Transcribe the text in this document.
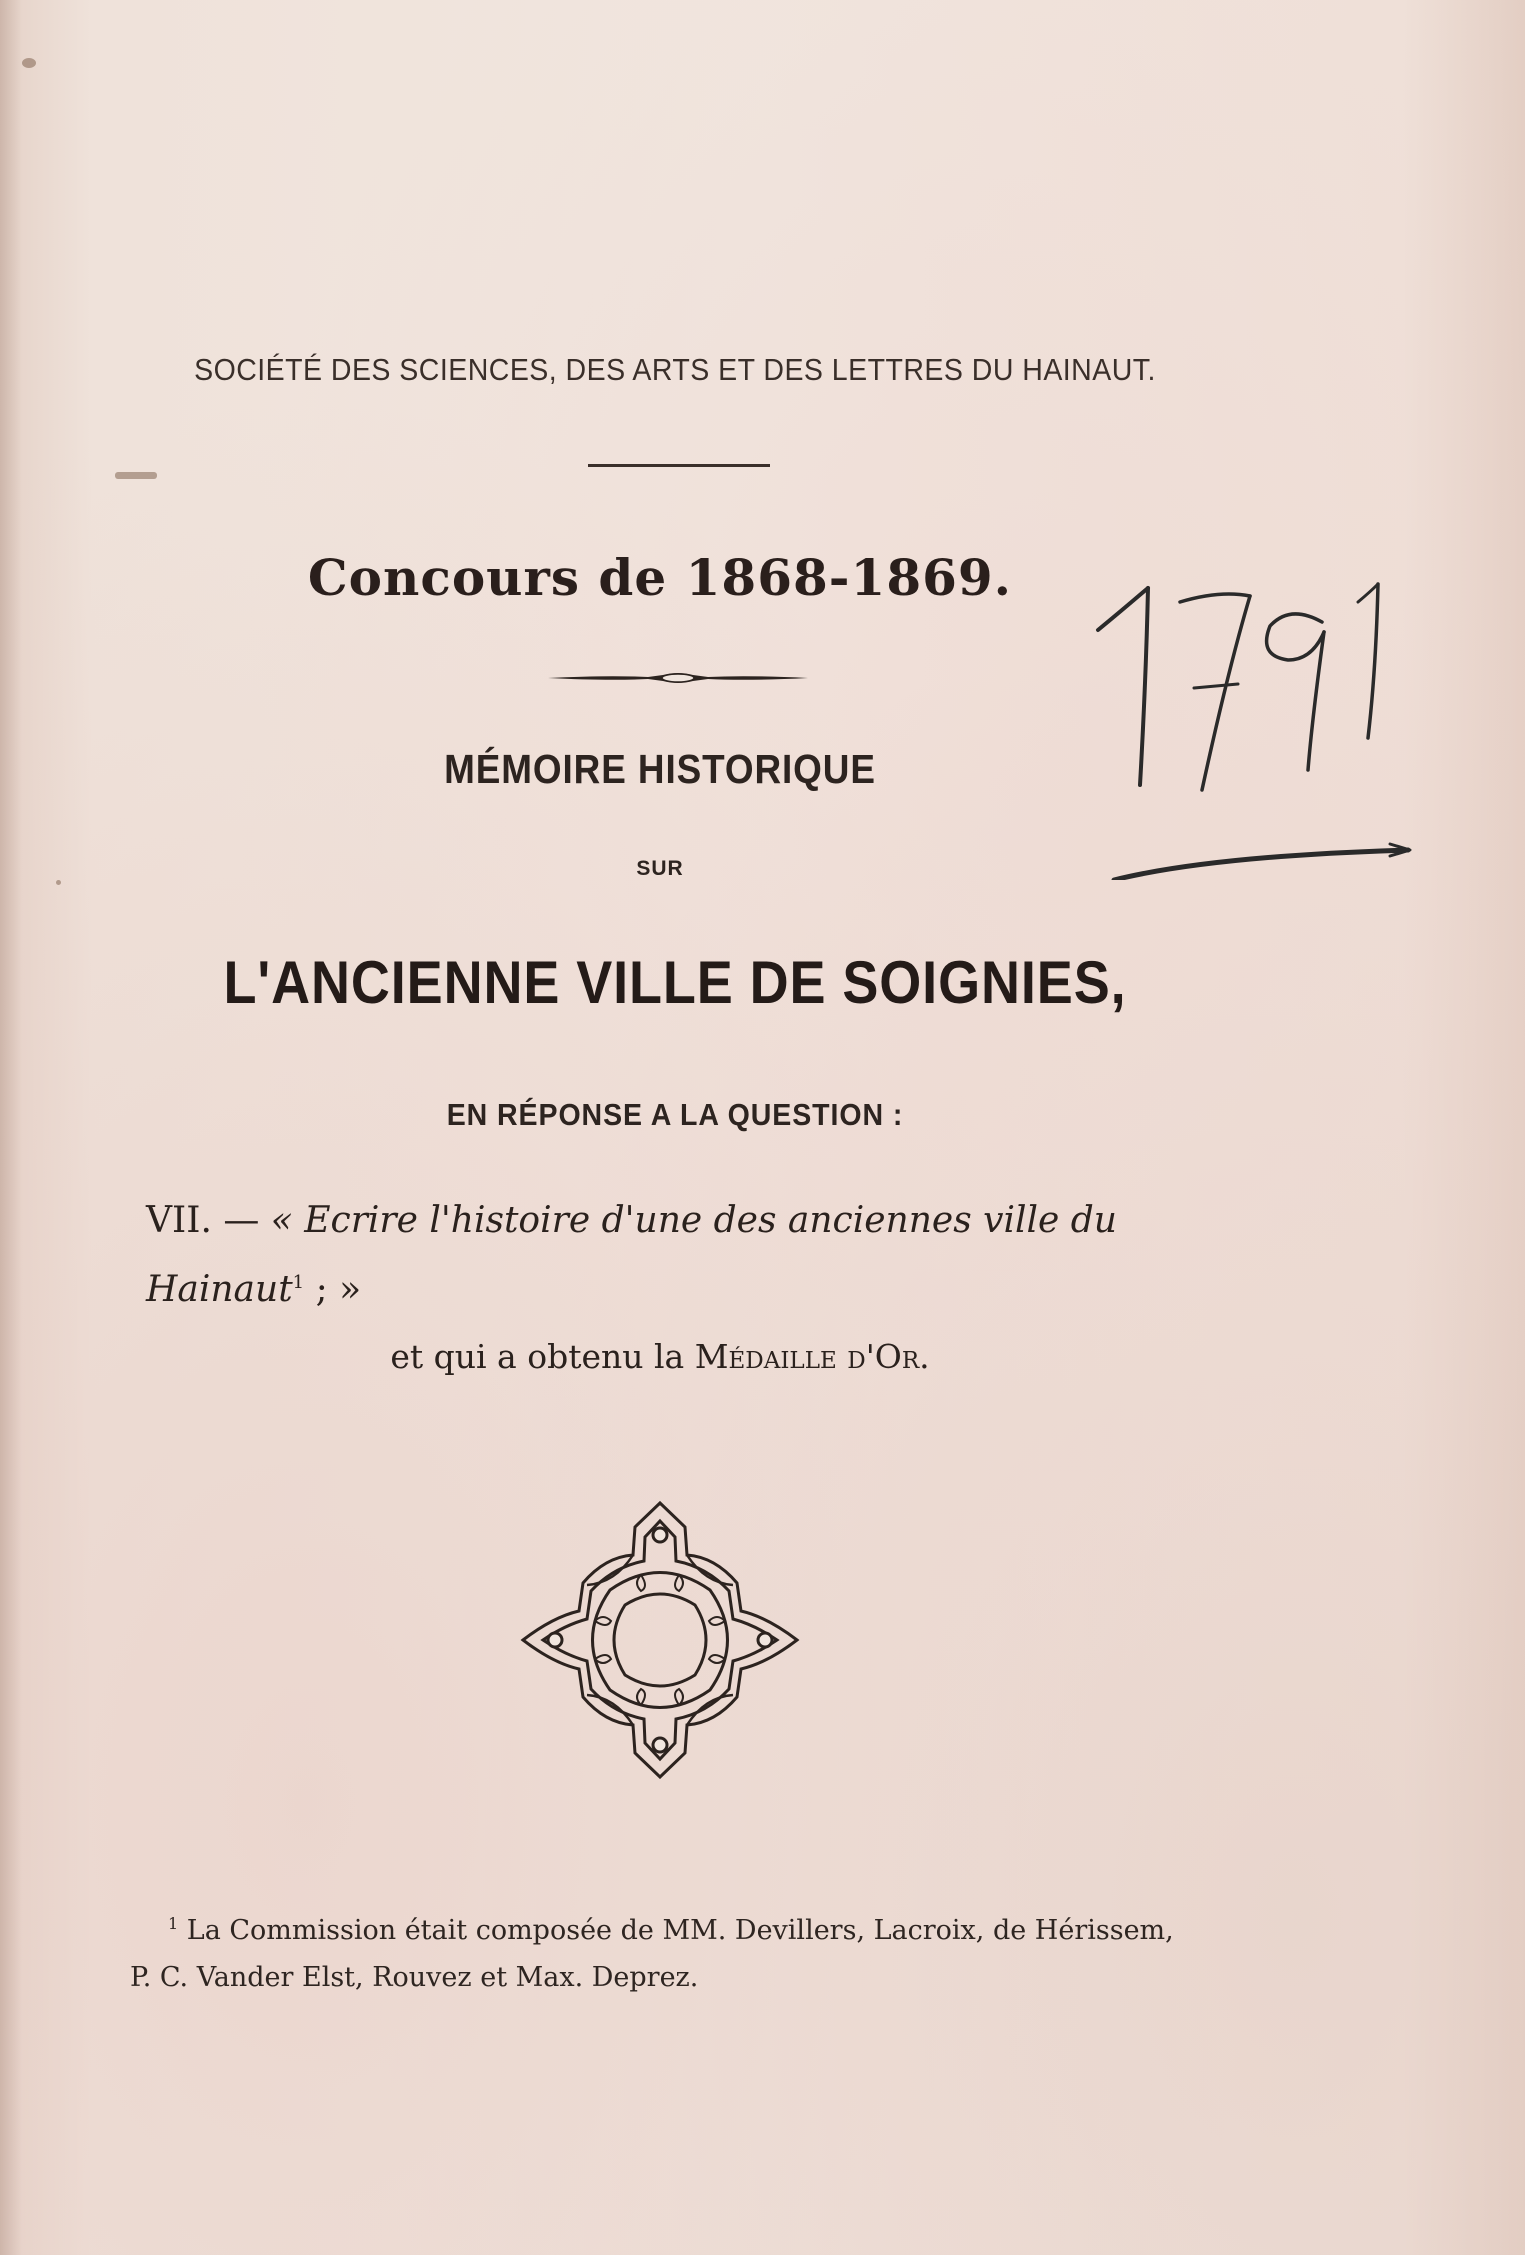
SOCIÉTÉ DES SCIENCES, DES ARTS ET DES LETTRES DU HAINAUT.
Concours de 1868-1869.
MÉMOIRE HISTORIQUE
SUR
L'ANCIENNE VILLE DE SOIGNIES,
EN RÉPONSE A LA QUESTION :
VII. — « Ecrire l'histoire d'une des anciennes ville du
Hainaut$^1$ ; »
et qui a obtenu la Médaille d'Or.
$^1$ La Commission était composée de MM. Devillers, Lacroix, de Hérissem,
P. C. Vander Elst, Rouvez et Max. Deprez.
